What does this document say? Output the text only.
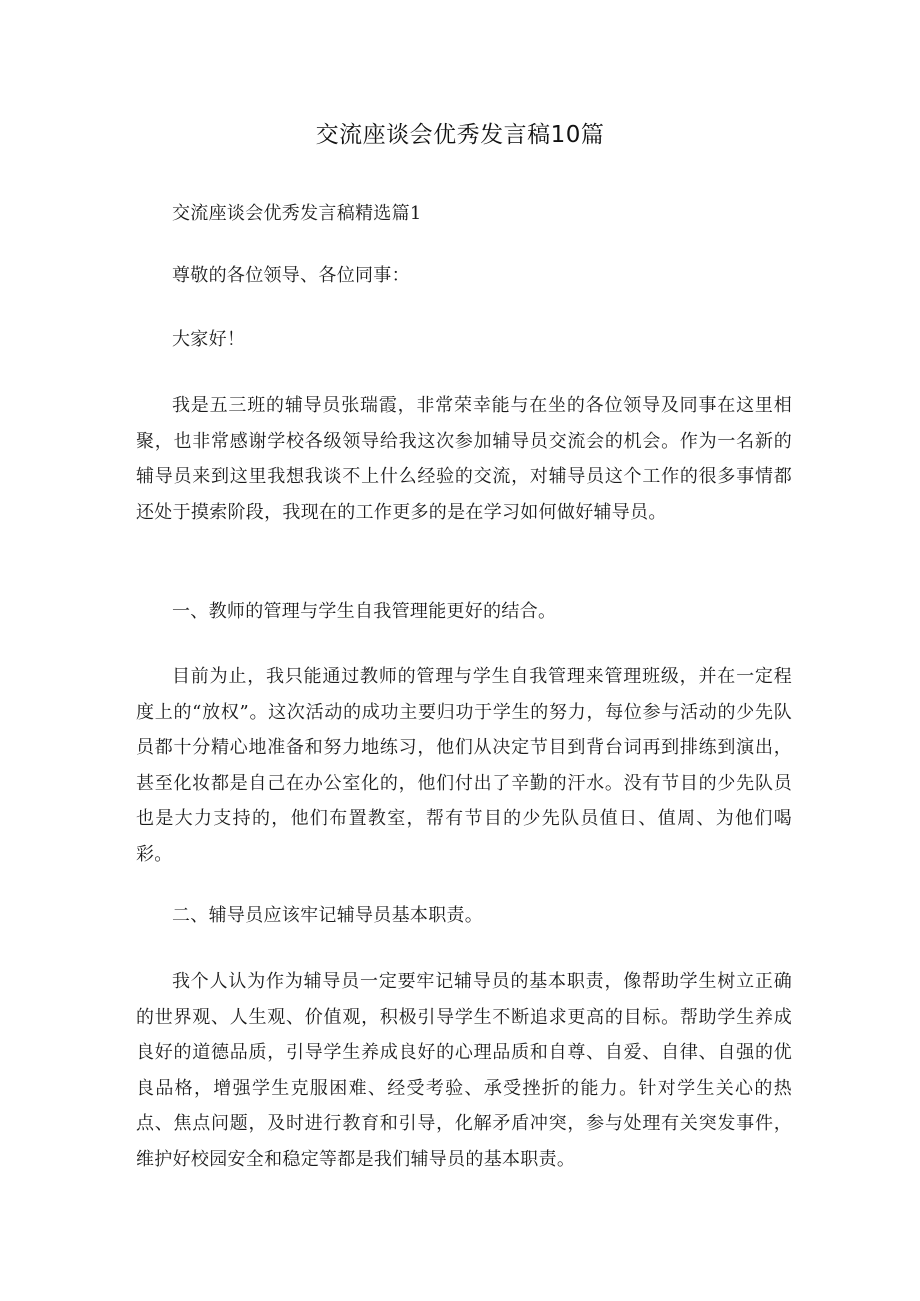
交流座谈会优秀发言稿10篇

交流座谈会优秀发言稿精选篇1

尊敬的各位领导、各位同事：

大家好！

我是五三班的辅导员张瑞霞，非常荣幸能与在坐的各位领导及同事在这里相聚，也非常感谢学校各级领导给我这次参加辅导员交流会的机会。作为一名新的辅导员来到这里我想我谈不上什么经验的交流，对辅导员这个工作的很多事情都还处于摸索阶段，我现在的工作更多的是在学习如何做好辅导员。

一、教师的管理与学生自我管理能更好的结合。

目前为止，我只能通过教师的管理与学生自我管理来管理班级，并在一定程度上的“放权”。这次活动的成功主要归功于学生的努力，每位参与活动的少先队员都十分精心地准备和努力地练习，他们从决定节目到背台词再到排练到演出，甚至化妆都是自己在办公室化的，他们付出了辛勤的汗水。没有节目的少先队员也是大力支持的，他们布置教室，帮有节目的少先队员值日、值周、为他们喝彩。

二、辅导员应该牢记辅导员基本职责。

我个人认为作为辅导员一定要牢记辅导员的基本职责，像帮助学生树立正确的世界观、人生观、价值观，积极引导学生不断追求更高的目标。帮助学生养成良好的道德品质，引导学生养成良好的心理品质和自尊、自爱、自律、自强的优良品格，增强学生克服困难、经受考验、承受挫折的能力。针对学生关心的热点、焦点问题，及时进行教育和引导，化解矛盾冲突，参与处理有关突发事件，维护好校园安全和稳定等都是我们辅导员的基本职责。
